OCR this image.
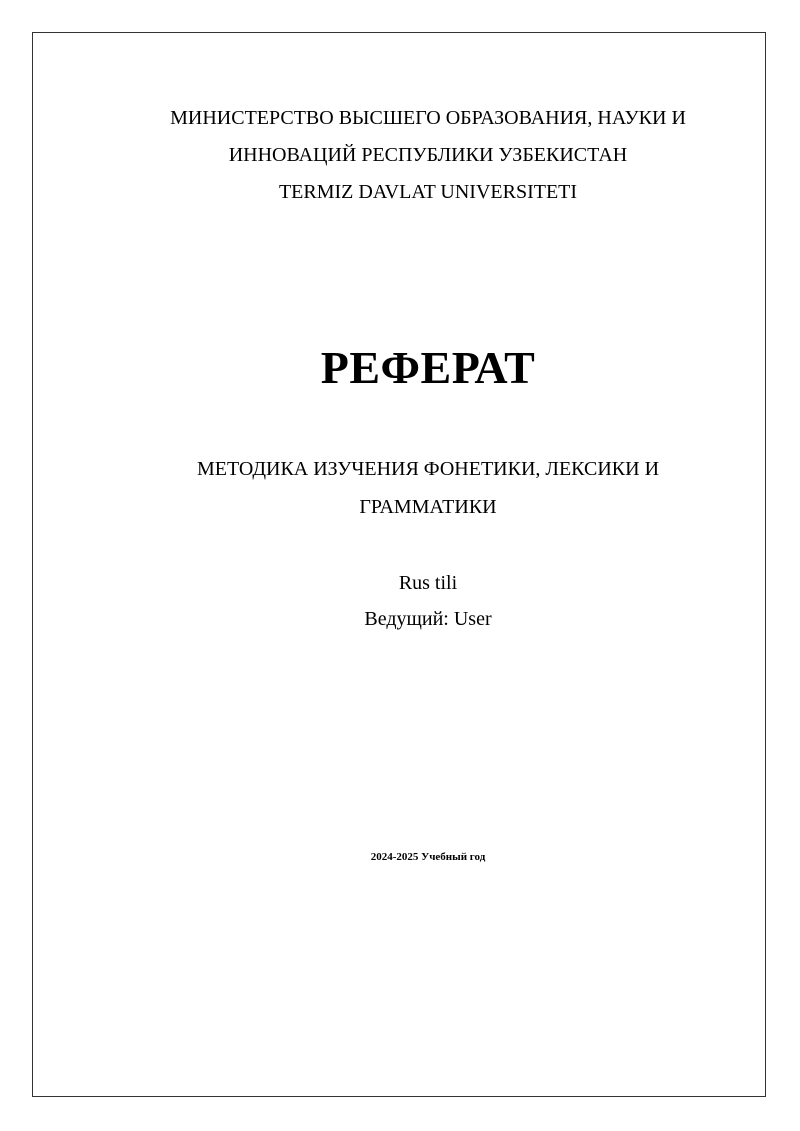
МИНИСТЕРСТВО ВЫСШЕГО ОБРАЗОВАНИЯ, НАУКИ И
ИННОВАЦИЙ РЕСПУБЛИКИ УЗБЕКИСТАН
TERMIZ DAVLAT UNIVERSITETI
РЕФЕРАТ
МЕТОДИКА ИЗУЧЕНИЯ ФОНЕТИКИ, ЛЕКСИКИ И
ГРАММАТИКИ
Rus tili
Ведущий: User
2024-2025 Учебный год
